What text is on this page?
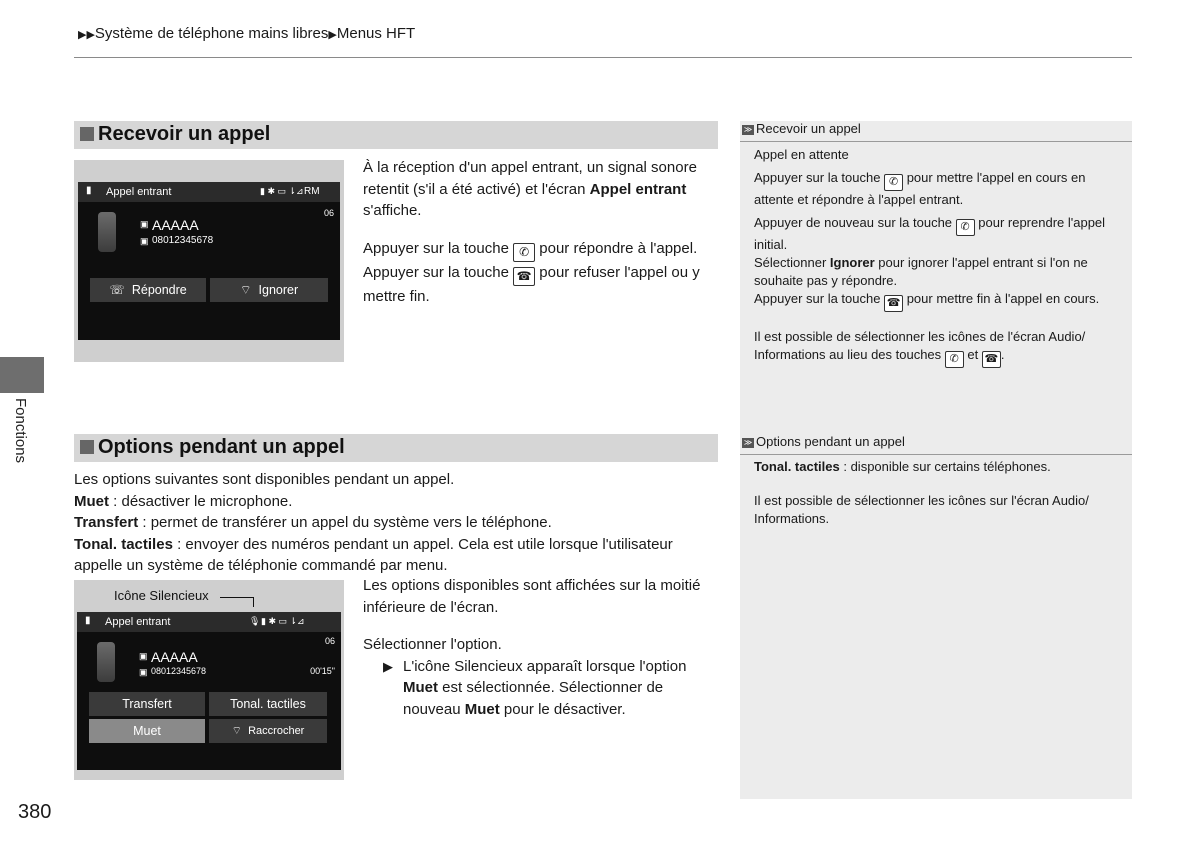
▶▶Système de téléphone mains libres▶Menus HFT
Fonctions
380
Recevoir un appel
▮ Appel entrant	▮ ✱ ▭ ⇂⊿ RM
06
▣ AAAAA
▣ 08012345678
☏ Répondre	⌔ Ignorer
À la réception d'un appel entrant, un signal sonore retentit (s'il a été activé) et l'écran Appel entrant s'affiche.
Appuyer sur la touche ✆ pour répondre à l'appel. Appuyer sur la touche ☎ pour refuser l'appel ou y mettre fin.
Options pendant un appel
Les options suivantes sont disponibles pendant un appel.
Muet : désactiver le microphone.
Transfert : permet de transférer un appel du système vers le téléphone.
Tonal. tactiles : envoyer des numéros pendant un appel. Cela est utile lorsque l'utilisateur appelle un système de téléphonie commandé par menu.
Icône Silencieux
▮ Appel entrant	🎙 ▮ ✱ ▭ ⇂⊿
06
▣ AAAAA
▣ 08012345678	00'15"
Transfert	Tonal. tactiles
Muet	⌔ Raccrocher
Les options disponibles sont affichées sur la moitié inférieure de l'écran.
Sélectionner l'option.
▶ L'icône Silencieux apparaît lorsque l'option Muet est sélectionnée. Sélectionner de nouveau Muet pour le désactiver.
≫ Recevoir un appel
Appel en attente
Appuyer sur la touche ✆ pour mettre l'appel en cours en attente et répondre à l'appel entrant.
Appuyer de nouveau sur la touche ✆ pour reprendre l'appel initial.
Sélectionner Ignorer pour ignorer l'appel entrant si l'on ne souhaite pas y répondre.
Appuyer sur la touche ☎ pour mettre fin à l'appel en cours.
Il est possible de sélectionner les icônes de l'écran Audio/ Informations au lieu des touches ✆ et ☎ .
≫ Options pendant un appel
Tonal. tactiles : disponible sur certains téléphones.
Il est possible de sélectionner les icônes sur l'écran Audio/ Informations.
